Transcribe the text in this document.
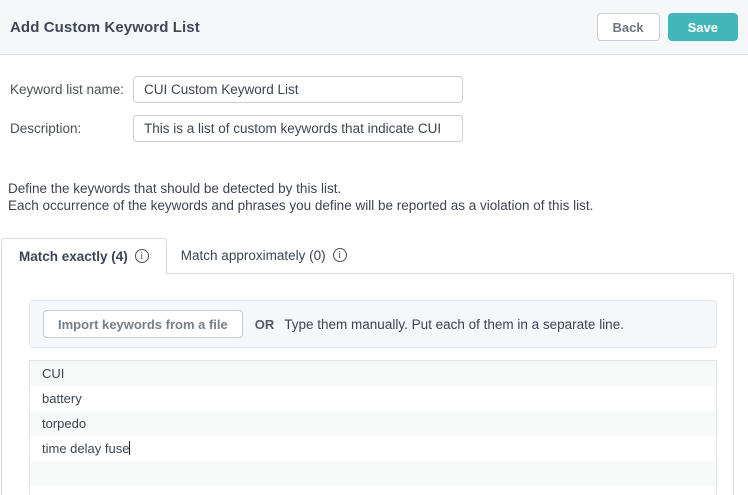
Add Custom Keyword List	Back	Save
Keyword list name:
CUI Custom Keyword List
Description:
This is a list of custom keywords that indicate CUI
Define the keywords that should be detected by this list.
Each occurrence of the keywords and phrases you define will be reported as a violation of this list.
Match exactly (4)	i	Match approximately (0)	i
Import keywords from a file	OR Type them manually. Put each of them in a separate line.
CUI
battery
torpedo
time delay fuse
